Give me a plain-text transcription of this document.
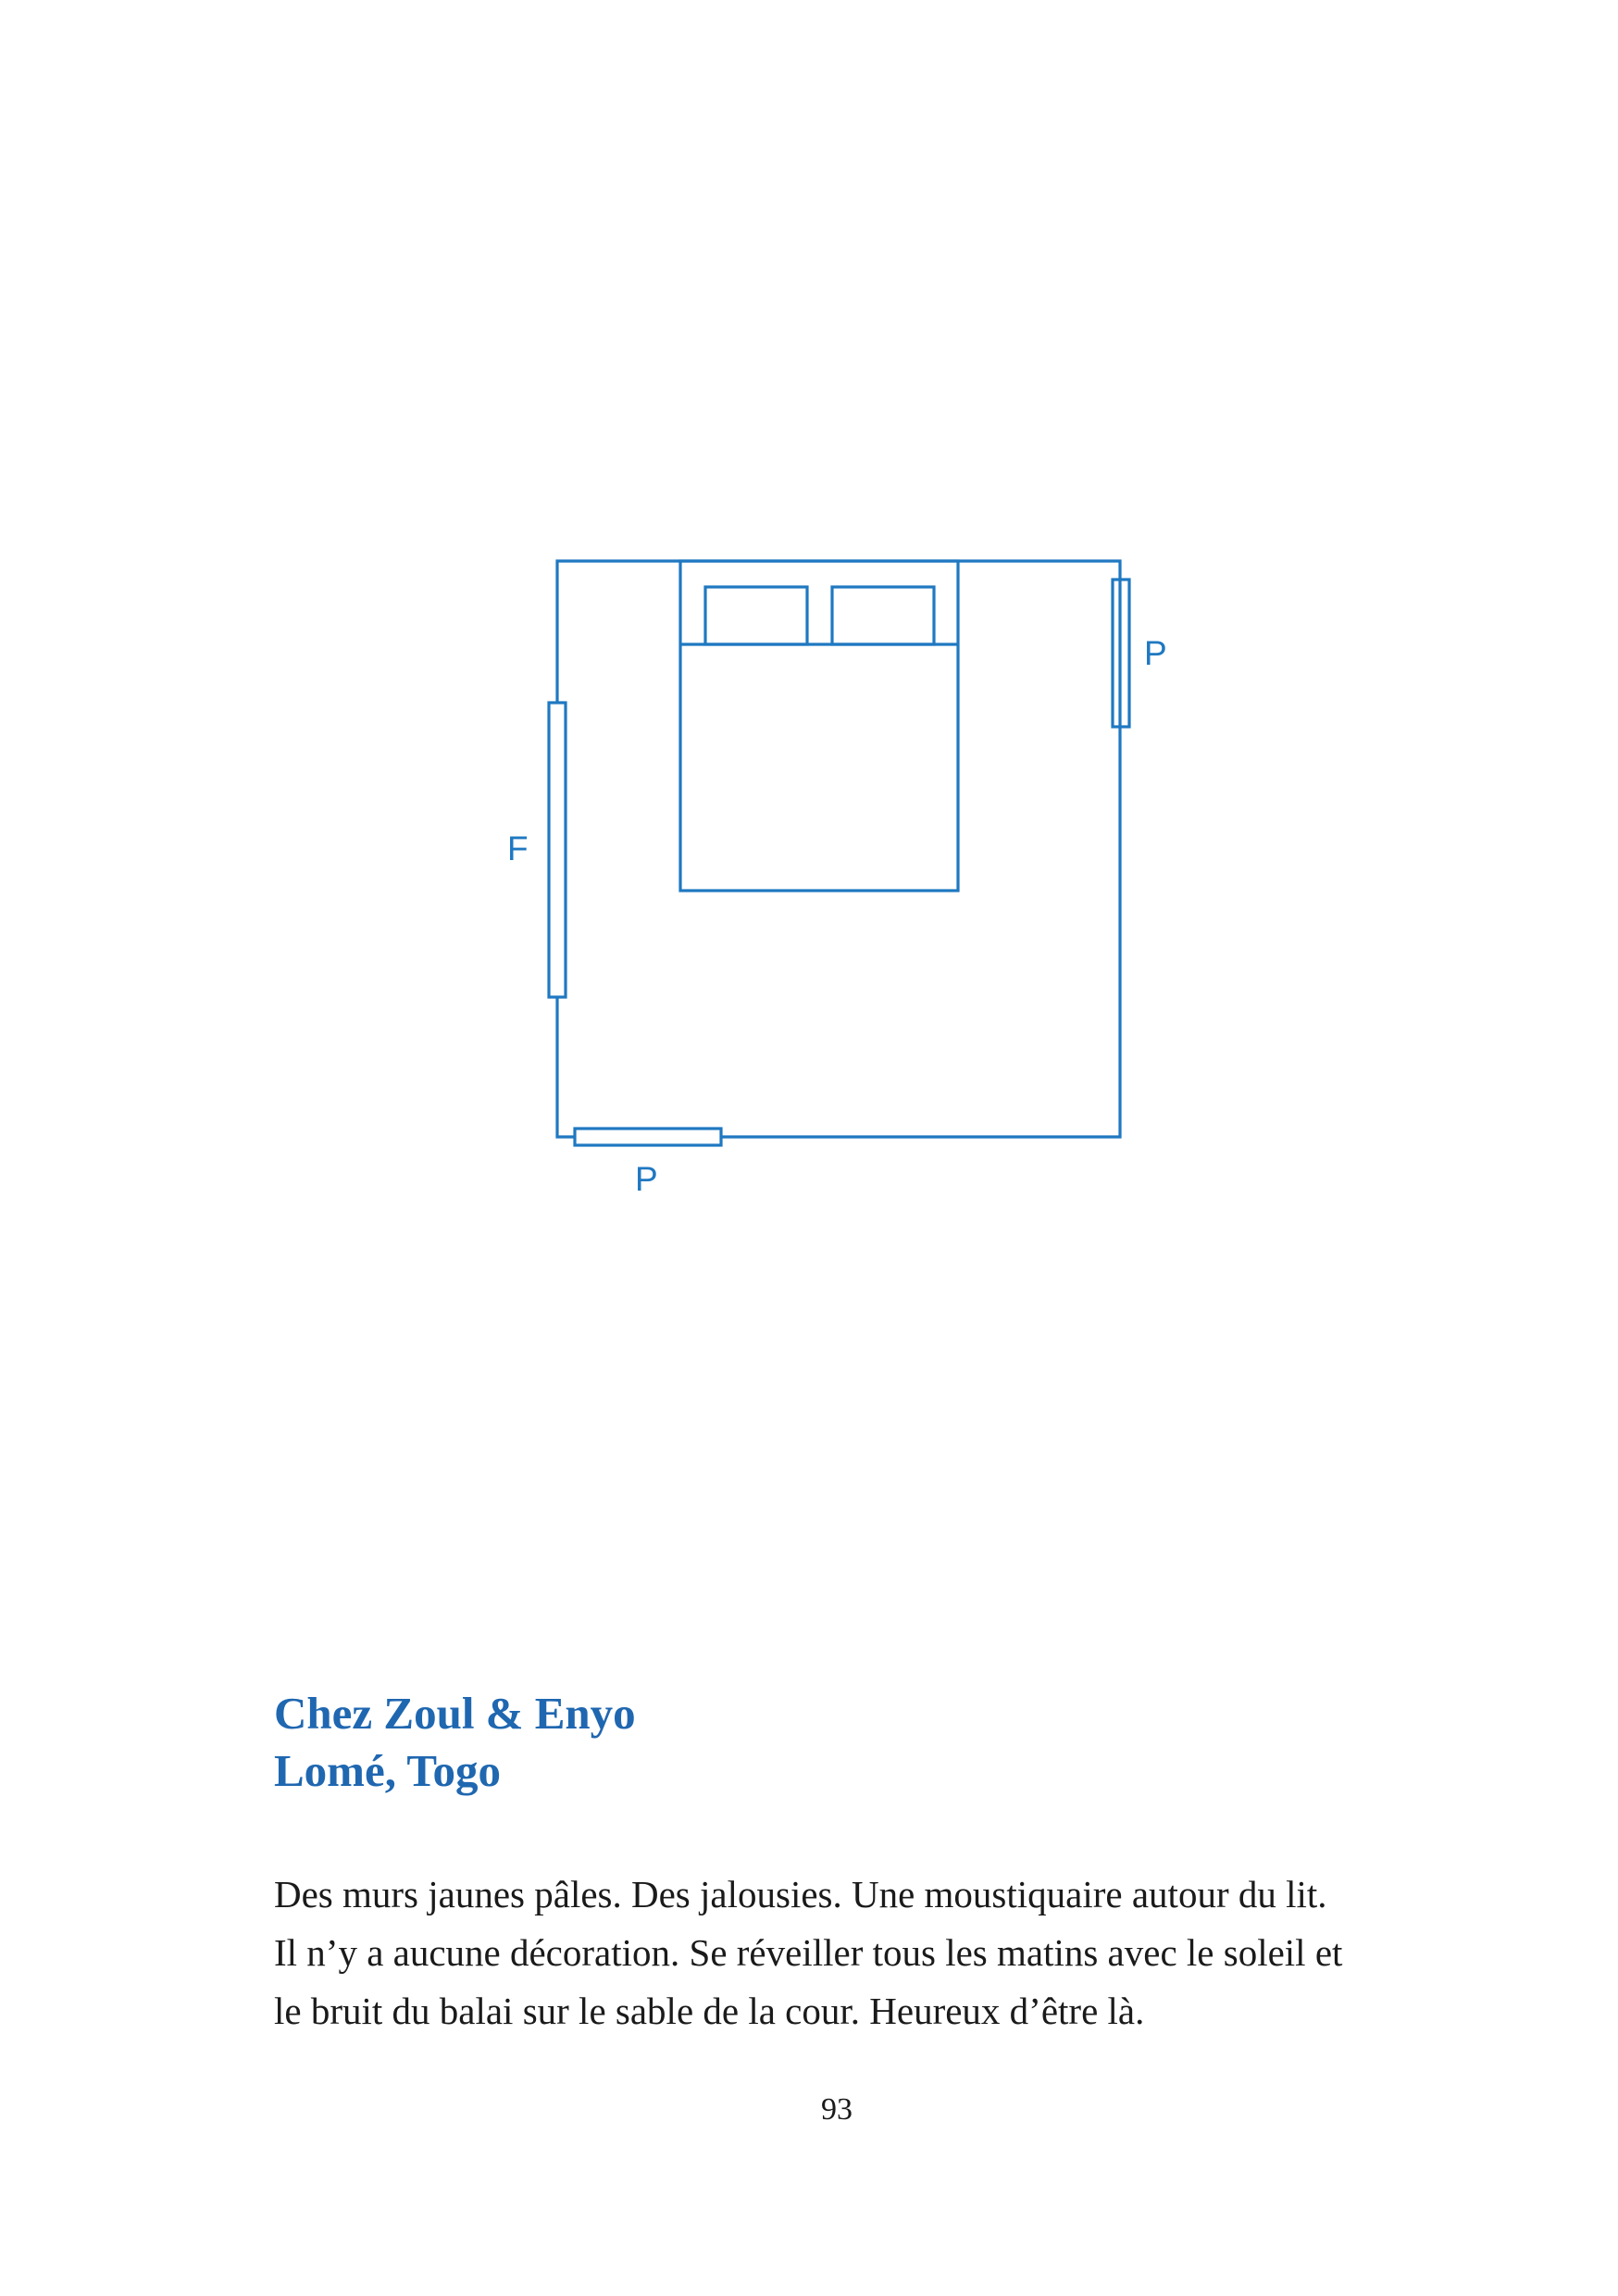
F
P
P
Chez Zoul & Enyo
Lomé, Togo
Des murs jaunes pâles. Des jalousies. Une moustiquaire autour du lit.
Il n’y a aucune décoration. Se réveiller tous les matins avec le soleil et
le bruit du balai sur le sable de la cour. Heureux d’être là.
93
